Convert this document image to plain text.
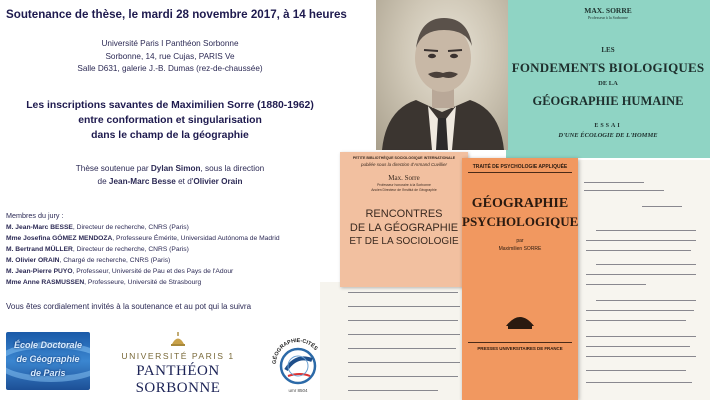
Soutenance de thèse, le mardi 28 novembre 2017, à 14 heures
Université Paris I Panthéon Sorbonne
Sorbonne, 14, rue Cujas, PARIS Ve
Salle D631, galerie J.-B. Dumas (rez-de-chaussée)
Les inscriptions savantes de Maximilien Sorre (1880-1962)
entre conformation et singularisation
dans le champ de la géographie
Thèse soutenue par Dylan Simon, sous la direction
de Jean-Marc Besse et d'Olivier Orain
Membres du jury :
M. Jean-Marc BESSE, Directeur de recherche, CNRS (Paris)
Mme Josefina GÓMEZ MENDOZA, Professeure Émérite, Universidad Autónoma de Madrid
M. Bertrand MÜLLER, Directeur de recherche, CNRS (Paris)
M. Olivier ORAIN, Chargé de recherche, CNRS (Paris)
M. Jean-Pierre PUYO, Professeur, Université de Pau et des Pays de l'Adour
Mme Anne RASMUSSEN, Professeure, Université de Strasbourg
Vous êtes cordialement invités à la soutenance et au pot qui la suivra
École Doctorale
de Géographie
de Paris
UNIVERSITÉ PARIS 1
PANTHÉON SORBONNE
GÉOGRAPHIE-CITÉS
umr 8504
MAX. SORRE
Professeur à la Sorbonne
LES
FONDEMENTS BIOLOGIQUES
DE LA
GÉOGRAPHIE HUMAINE
ESSAI
D'UNE ÉCOLOGIE DE L'HOMME
PETITE BIBLIOTHÈQUE SOCIOLOGIQUE INTERNATIONALE
publiée sous la direction d'Armand Cuvillier
Max. Sorre
Professeur honoraire à la Sorbonne
Ancien Directeur de l'Institut de Géographie
RENCONTRES
DE LA GÉOGRAPHIE
ET DE LA SOCIOLOGIE
TRAITÉ DE PSYCHOLOGIE APPLIQUÉE
GÉOGRAPHIE
PSYCHOLOGIQUE
par
Maximilien SORRE
PRESSES UNIVERSITAIRES DE FRANCE
